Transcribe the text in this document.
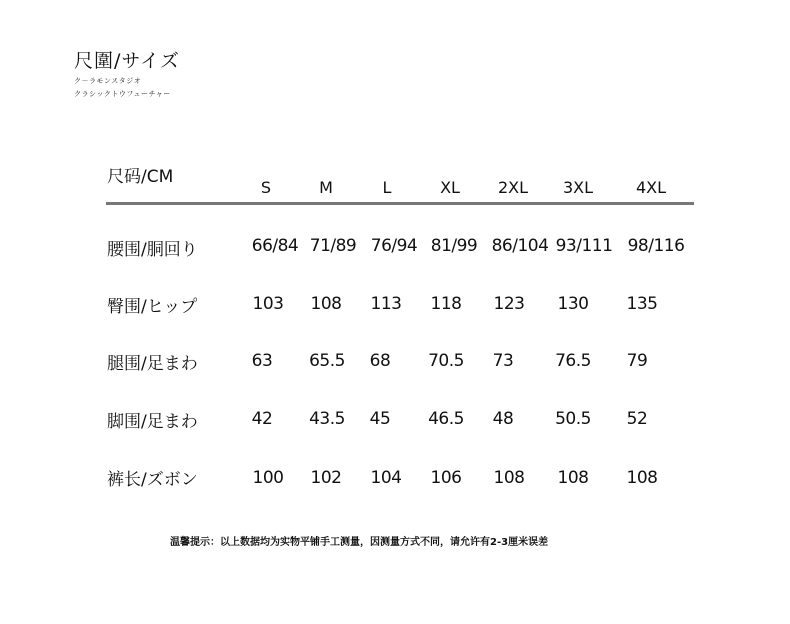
尺圍/サイズ
ク－ラモンスタジオ
クラシックトウフューチャー
尺码/CM
S	M	L	XL	2XL	3XL	4XL
腰围/胴回り	66/84 71/89 76/94 81/99 86/104 93/111 98/116
臀围/ヒップ	103	108	113	118	123	130	135
腿围/足まわ	63	65.5	68	70.5	73	76.5	79
脚围/足まわ	42	43.5	45	46.5	48	50.5	52
裤长/ズボン	100	102	104	106	108	108	108
温馨提示：以上数据均为实物平铺手工测量，因测量方式不同，请允许有2-3厘米误差
